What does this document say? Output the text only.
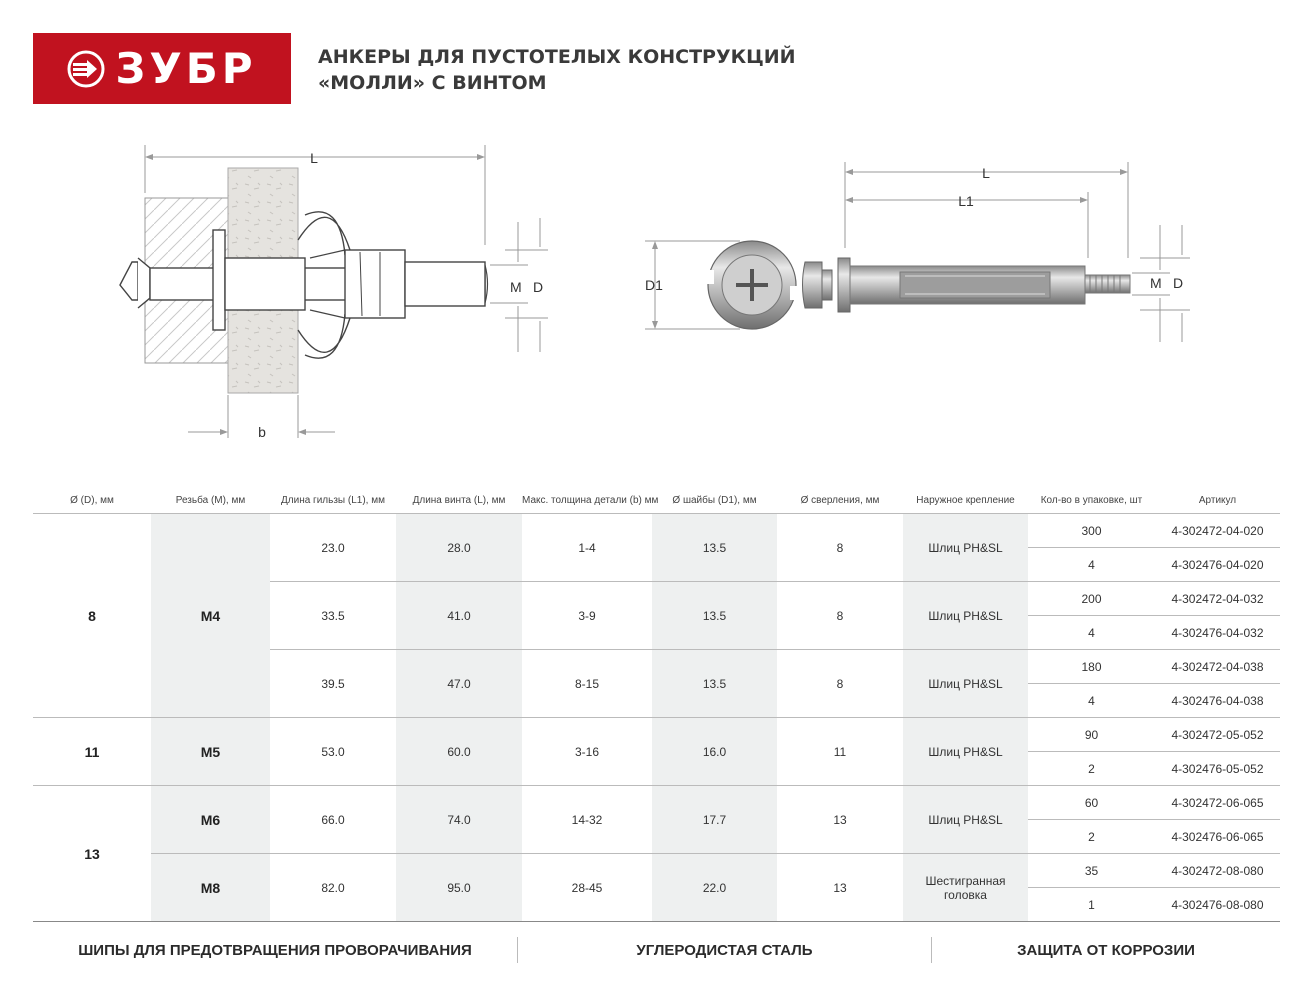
ЗУБР	АНКЕРЫ ДЛЯ ПУСТОТЕЛЫХ КОНСТРУКЦИЙ
«МОЛЛИ» С ВИНТОМ
L
M D
b
D1
L
L1
M D
Ø (D), мм	Резьба (M), мм	Длина гильзы (L1), мм	Длина винта (L), мм	Макс. толщина детали (b) мм	Ø шайбы (D1), мм	Ø сверления, мм	Наружное крепление	Кол-во в упаковке, шт	Артикул
8	M4	23.0	28.0	1-4	13.5	8	Шлиц PH&SL	300	4-302472-04-020
								4	4-302476-04-020
		33.5	41.0	3-9	13.5	8	Шлиц PH&SL	200	4-302472-04-032
								4	4-302476-04-032
		39.5	47.0	8-15	13.5	8	Шлиц PH&SL	180	4-302472-04-038
								4	4-302476-04-038
11	M5	53.0	60.0	3-16	16.0	11	Шлиц PH&SL	90	4-302472-05-052
								2	4-302476-05-052
13	M6	66.0	74.0	14-32	17.7	13	Шлиц PH&SL	60	4-302472-06-065
								2	4-302476-06-065
	M8	82.0	95.0	28-45	22.0	13	Шестигранная головка	35	4-302472-08-080
								1	4-302476-08-080
ШИПЫ ДЛЯ ПРЕДОТВРАЩЕНИЯ ПРОВОРАЧИВАНИЯ	УГЛЕРОДИСТАЯ СТАЛЬ	ЗАЩИТА ОТ КОРРОЗИИ
